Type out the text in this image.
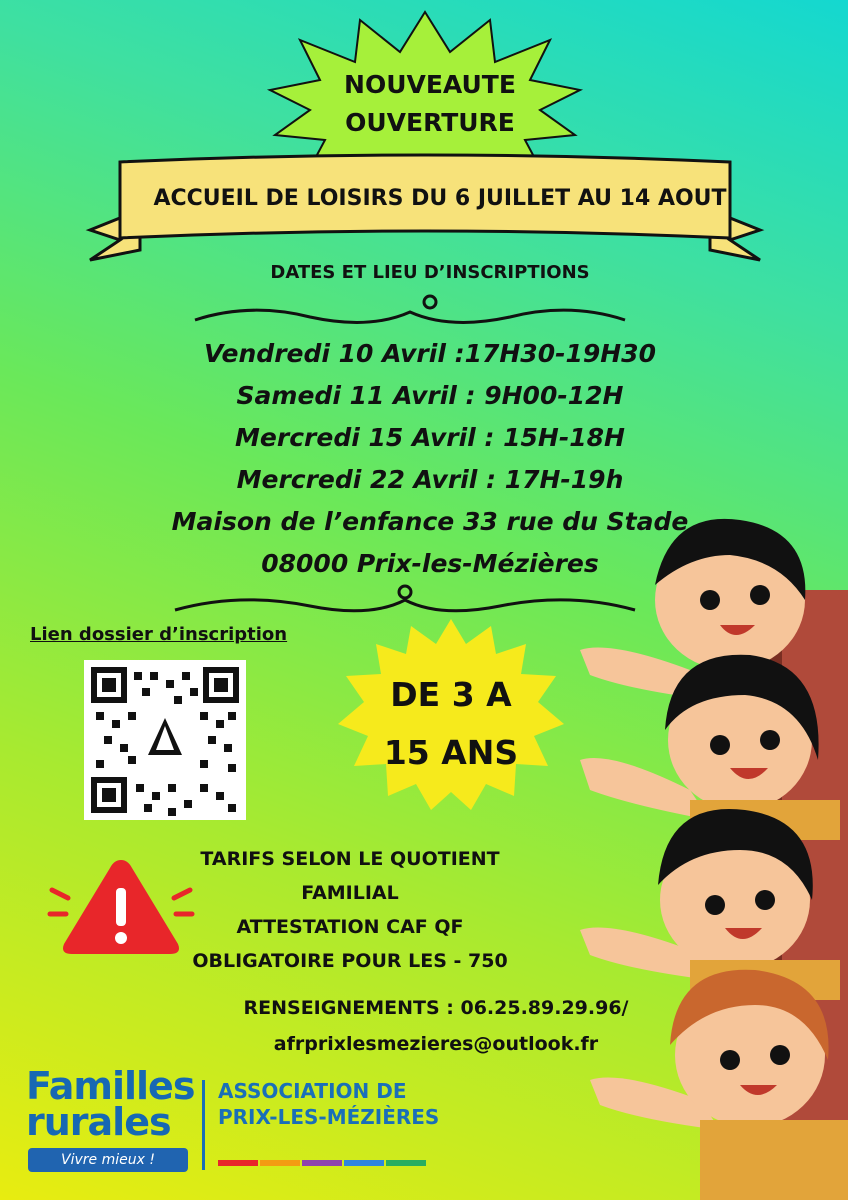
NOUVEAUTE
OUVERTURE
ACCUEIL DE LOISIRS DU 6 JUILLET AU 14 AOUT
DATES ET LIEU D’INSCRIPTIONS
Vendredi 10 Avril :17H30-19H30
Samedi 11 Avril : 9H00-12H
Mercredi 15 Avril : 15H-18H
Mercredi 22 Avril : 17H-19h
Maison de l’enfance 33 rue du Stade
08000 Prix-les-Mézières
Lien dossier d’inscription
DE 3 A
15 ANS
TARIFS SELON LE QUOTIENT
FAMILIAL
ATTESTATION CAF QF
OBLIGATOIRE POUR LES - 750
RENSEIGNEMENTS : 06.25.89.29.96/
afrprixlesmezieres@outlook.fr
Familles
rurales
Vivre mieux !
ASSOCIATION DE
PRIX-LES-MÉZIÈRES
